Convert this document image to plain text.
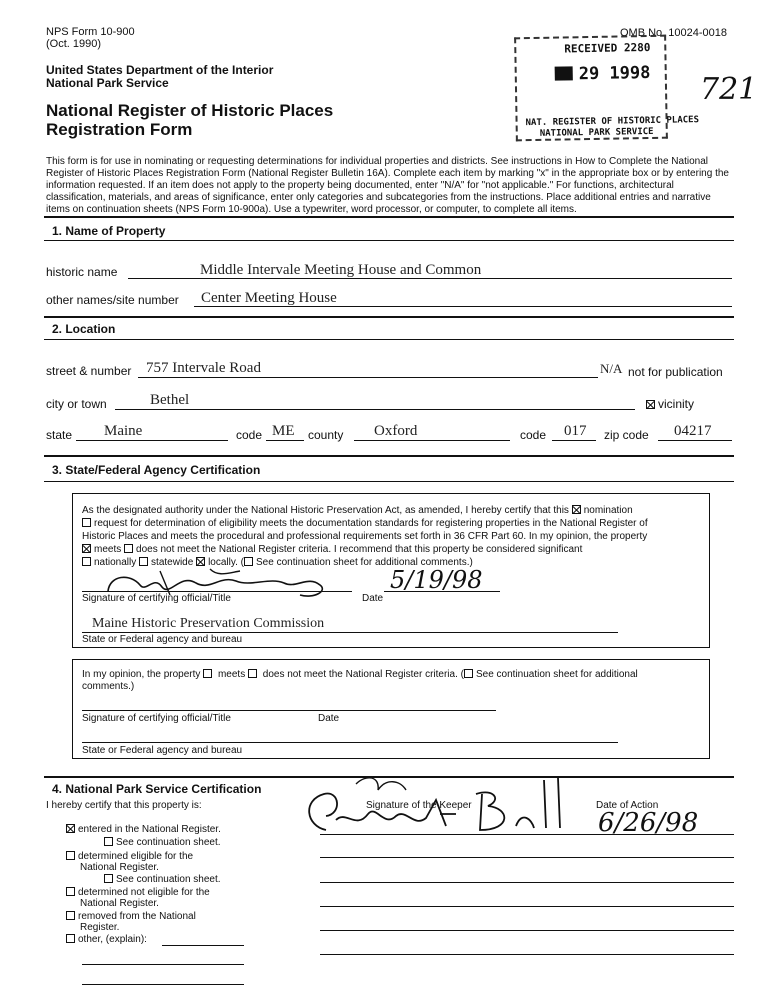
NPS Form 10-900
(Oct. 1990)
OMB No. 10024-0018
United States Department of the Interior
National Park Service
National Register of Historic Places
Registration Form
RECEIVED 2280
29 1998
NAT. REGISTER OF HISTORIC PLACES
NATIONAL PARK SERVICE
721
This form is for use in nominating or requesting determinations for individual properties and districts. See instructions in How to Complete the National Register of Historic Places Registration Form (National Register Bulletin 16A). Complete each item by marking "x" in the appropriate box or by entering the information requested. If an item does not apply to the property being documented, enter "N/A" for "not applicable." For functions, architectural classification, materials, and areas of significance, enter only categories and subcategories from the instructions. Place additional entries and narrative items on continuation sheets (NPS Form 10-900a). Use a typewriter, word processor, or computer, to complete all items.
1. Name of Property
historic name	Middle Intervale Meeting House and Common
other names/site number Center Meeting House
2. Location
street & number 757 Intervale Road	N/A not for publication
city or town	Bethel	vicinity
state Maine	code ME county Oxford	code 017 zip code 04217
3. State/Federal Agency Certification
As the designated authority under the National Historic Preservation Act, as amended, I hereby certify that this nomination
request for determination of eligibility meets the documentation standards for registering properties in the National Register of
Historic Places and meets the procedural and professional requirements set forth in 36 CFR Part 60. In my opinion, the property
meets does not meet the National Register criteria. I recommend that this property be considered significant
nationally statewide locally. ( See continuation sheet for additional comments.)
Signature of certifying official/Title	Date
5/19/98
Maine Historic Preservation Commission
State or Federal agency and bureau
In my opinion, the property meets does not meet the National Register criteria. ( See continuation sheet for additional
comments.)
Signature of certifying official/Title	Date
State or Federal agency and bureau
4. National Park Service Certification
I hereby certify that this property is:	Signature of the Keeper	Date of Action
6/26/98
entered in the National Register.
See continuation sheet.
determined eligible for the
National Register.
See continuation sheet.
determined not eligible for the
National Register.
removed from the National
Register.
other, (explain):
